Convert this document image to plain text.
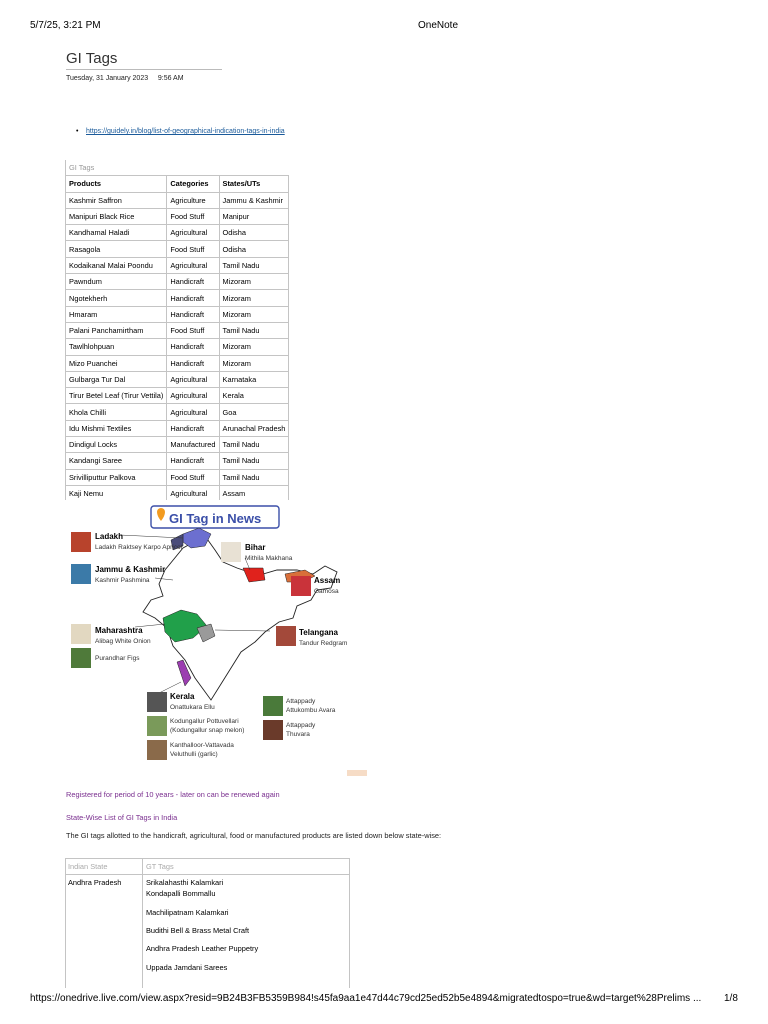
5/7/25, 3:21 PM	OneNote
GI Tags
Tuesday, 31 January 2023 9:56 AM
• https://guidely.in/blog/list-of-geographical-indication-tags-in-india
GI Tags		
Products	Categories	States/UTs
Kashmir Saffron	Agriculture	Jammu & Kashmir
Manipuri Black Rice	Food Stuff	Manipur
Kandhamal Haladi	Agricultural	Odisha
Rasagola	Food Stuff	Odisha
Kodaikanal Malai Poondu	Agricultural	Tamil Nadu
Pawndum	Handicraft	Mizoram
Ngotekherh	Handicraft	Mizoram
Hmaram	Handicraft	Mizoram
Palani Panchamirtham	Food Stuff	Tamil Nadu
Tawlhlohpuan	Handicraft	Mizoram
Mizo Puanchei	Handicraft	Mizoram
Gulbarga Tur Dal	Agricultural	Karnataka
Tirur Betel Leaf (Tirur Vettila)	Agricultural	Kerala
Khola Chilli	Agricultural	Goa
Idu Mishmi Textiles	Handicraft	Arunachal Pradesh
Dindigul Locks	Manufactured	Tamil Nadu
Kandangi Saree	Handicraft	Tamil Nadu
Srivilliputtur Palkova	Food Stuff	Tamil Nadu
Kaji Nemu	Agricultural	Assam
GI Tag in News
Ladakh
Ladakh Raktsey Karpo Apricot
Jammu & Kashmir
Kashmir Pashmina
Bihar
Mithila Makhana
Assam
Gamosa
Maharashtra
Alibag White Onion
Purandhar Figs
Telangana
Tandur Redgram
Kerala
Onattukara Ellu
Kodungallur Pottuvellari
(Kodungallur snap melon)
Kanthalloor-Vattavada
Veluthulli (garlic)
Attappady
Attukombu Avara
Attappady
Thuvara
Registered for period of 10 years - later on can be renewed again
State-Wise List of GI Tags in India
The GI tags allotted to the handicraft, agricultural, food or manufactured products are listed down below state-wise:
Indian State	GT Tags
Andhra Pradesh	Srikalahasthi Kalamkari
Kondapalli Bommallu
Machilipatnam Kalamkari
Budithi Bell & Brass Metal Craft
Andhra Pradesh Leather Puppetry
Uppada Jamdani Sarees
https://onedrive.live.com/view.aspx?resid=9B24B3FB5359B984!s45fa9aa1e47d44c79cd25ed52b5e4894&migratedtospo=true&wd=target%28Prelims ... 1/8
